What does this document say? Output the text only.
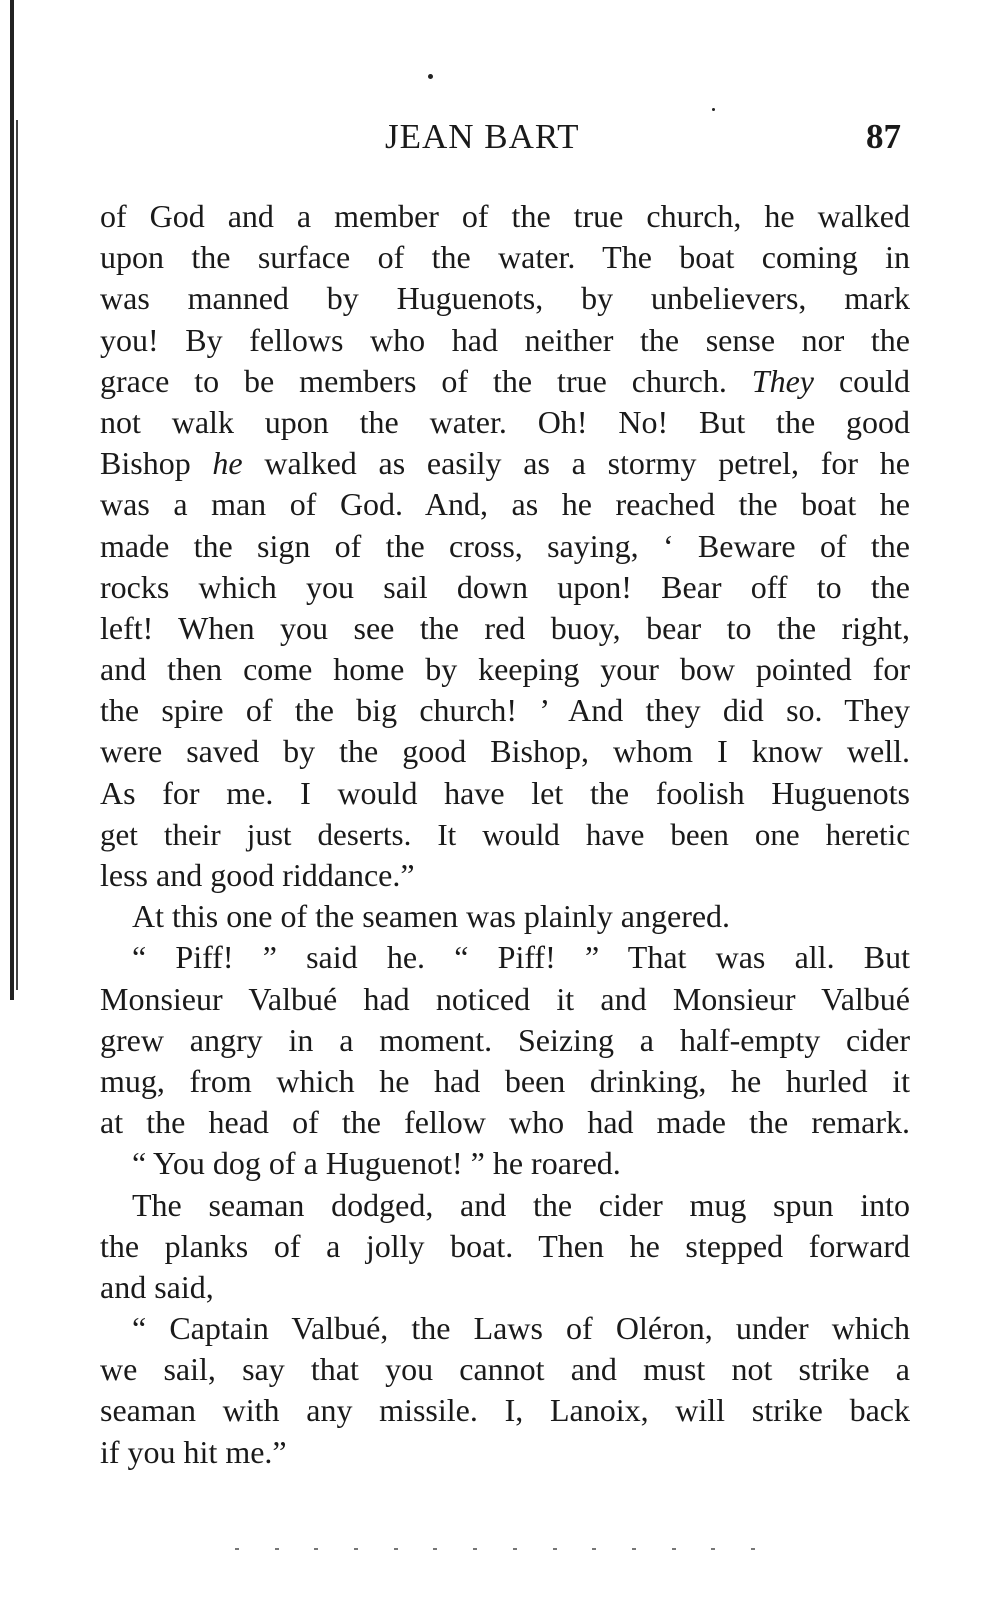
JEAN BART	87
of God and a member of the true church, he walked
upon the surface of the water. The boat coming in
was manned by Huguenots, by unbelievers, mark
you! By fellows who had neither the sense nor the
grace to be members of the true church. They could
not walk upon the water. Oh! No! But the good
Bishop he walked as easily as a stormy petrel, for he
was a man of God. And, as he reached the boat he
made the sign of the cross, saying, ‘ Beware of the
rocks which you sail down upon! Bear off to the
left! When you see the red buoy, bear to the right,
and then come home by keeping your bow pointed for
the spire of the big church! ’ And they did so. They
were saved by the good Bishop, whom I know well.
As for me. I would have let the foolish Huguenots
get their just deserts. It would have been one heretic
less and good riddance.”
At this one of the seamen was plainly angered.
“ Piff! ” said he. “ Piff! ” That was all. But
Monsieur Valbué had noticed it and Monsieur Valbué
grew angry in a moment. Seizing a half-empty cider
mug, from which he had been drinking, he hurled it
at the head of the fellow who had made the remark.
“ You dog of a Huguenot! ” he roared.
The seaman dodged, and the cider mug spun into
the planks of a jolly boat. Then he stepped forward
and said,
“ Captain Valbué, the Laws of Oléron, under which
we sail, say that you cannot and must not strike a
seaman with any missile. I, Lanoix, will strike back
if you hit me.”
